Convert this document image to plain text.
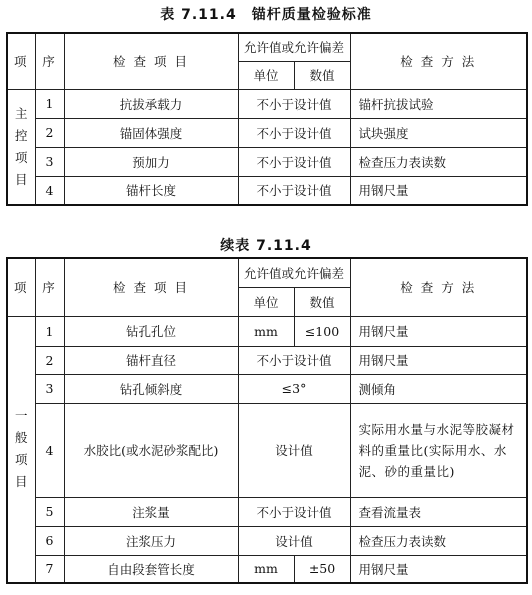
表 7.11.4　锚杆质量检验标准
项	序	检 查 项 目	允许值或允许偏差		检 查 方 法
			单位	数值	

主
控
项
目	1	抗拔承载力	不小于设计值		锚杆抗拔试验
	2	锚固体强度	不小于设计值		试块强度
	3	预加力	不小于设计值		检查压力表读数
	4	锚杆长度	不小于设计值		用钢尺量
续表 7.11.4
项	序	检 查 项 目	允许值或允许偏差		检 查 方 法
			单位	数值	

一
般
项
目	1	钻孔孔位	mm	≤100	用钢尺量
	2	锚杆直径	不小于设计值		用钢尺量
	3	钻孔倾斜度	≤3°		测倾角
	4	水胶比(或水泥砂浆配比)	设计值		实际用水量与水泥等胶凝材料的重量比(实际用水、水泥、砂的重量比)
	5	注浆量	不小于设计值		查看流量表
	6	注浆压力	设计值		检查压力表读数
	7	自由段套管长度	mm	±50	用钢尺量
